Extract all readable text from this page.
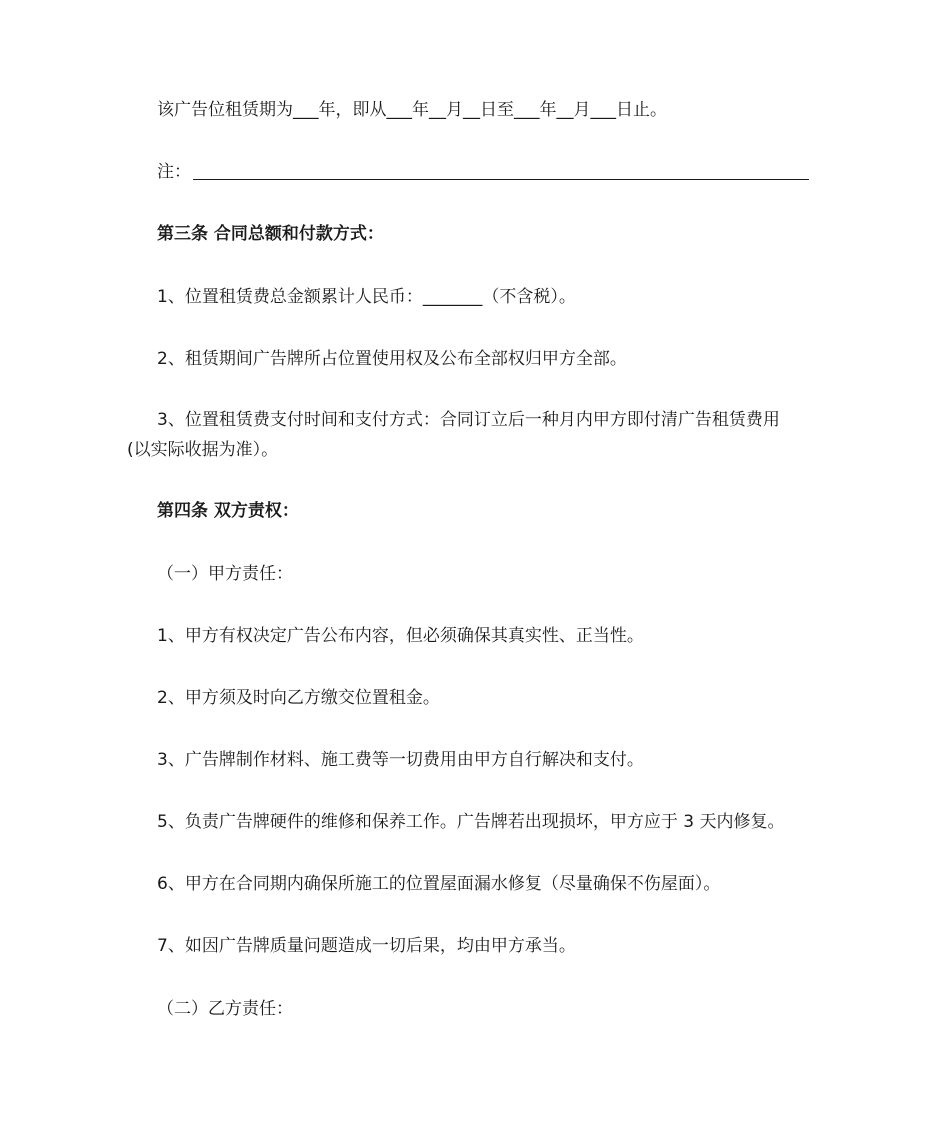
该广告位租赁期为___年，即从___年__月__日至___年__月___日止。
注：
第三条 合同总额和付款方式：
1、位置租赁费总金额累计人民币：_______（不含税）。
2、租赁期间广告牌所占位置使用权及公布全部权归甲方全部。
3、位置租赁费支付时间和支付方式：合同订立后一种月内甲方即付清广告租赁费用
(以实际收据为准）。
第四条 双方责权：
（一）甲方责任：
1、甲方有权决定广告公布内容，但必须确保其真实性、正当性。
2、甲方须及时向乙方缴交位置租金。
3、广告牌制作材料、施工费等一切费用由甲方自行解决和支付。
5、负责广告牌硬件的维修和保养工作。广告牌若出现损坏，甲方应于 3 天内修复。
6、甲方在合同期内确保所施工的位置屋面漏水修复（尽量确保不伤屋面）。
7、如因广告牌质量问题造成一切后果，均由甲方承当。
（二）乙方责任：
